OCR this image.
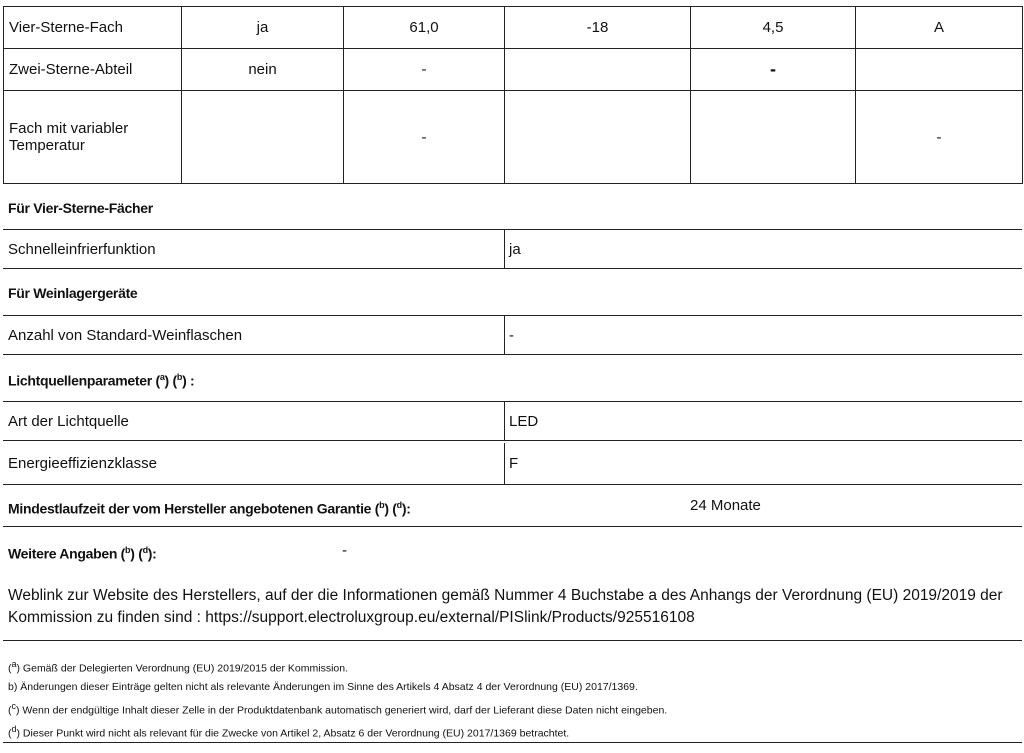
Vier-Sterne-Fach	ja	61,0	-18	4,5	A
Zwei-Sterne-Abteil	nein	-		-	
Fach mit variabler Temperatur		-			-
Für Vier-Sterne-Fächer
Schnelleinfrierfunktion	ja
Für Weinlagergeräte
Anzahl von Standard-Weinflaschen	-
Lichtquellenparameter ($^a$) ($^b$) :
Art der Lichtquelle	LED
Energieeffizienzklasse	F
Mindestlaufzeit der vom Hersteller angebotenen Garantie ($^b$) ($^d$):	24 Monate
Weitere Angaben ($^b$) ($^d$):	-
Weblink zur Website des Herstellers, auf der die Informationen gemäß Nummer 4 Buchstabe a des Anhangs der Verordnung (EU) 2019/2019 der Kommission zu finden sind : https://support.electroluxgroup.eu/external/PISlink/Products/925516108
(a) Gemäß der Delegierten Verordnung (EU) 2019/2015 der Kommission.
b) Änderungen dieser Einträge gelten nicht als relevante Änderungen im Sinne des Artikels 4 Absatz 4 der Verordnung (EU) 2017/1369.
(c) Wenn der endgültige Inhalt dieser Zelle in der Produktdatenbank automatisch generiert wird, darf der Lieferant diese Daten nicht eingeben.
(d) Dieser Punkt wird nicht als relevant für die Zwecke von Artikel 2, Absatz 6 der Verordnung (EU) 2017/1369 betrachtet.
